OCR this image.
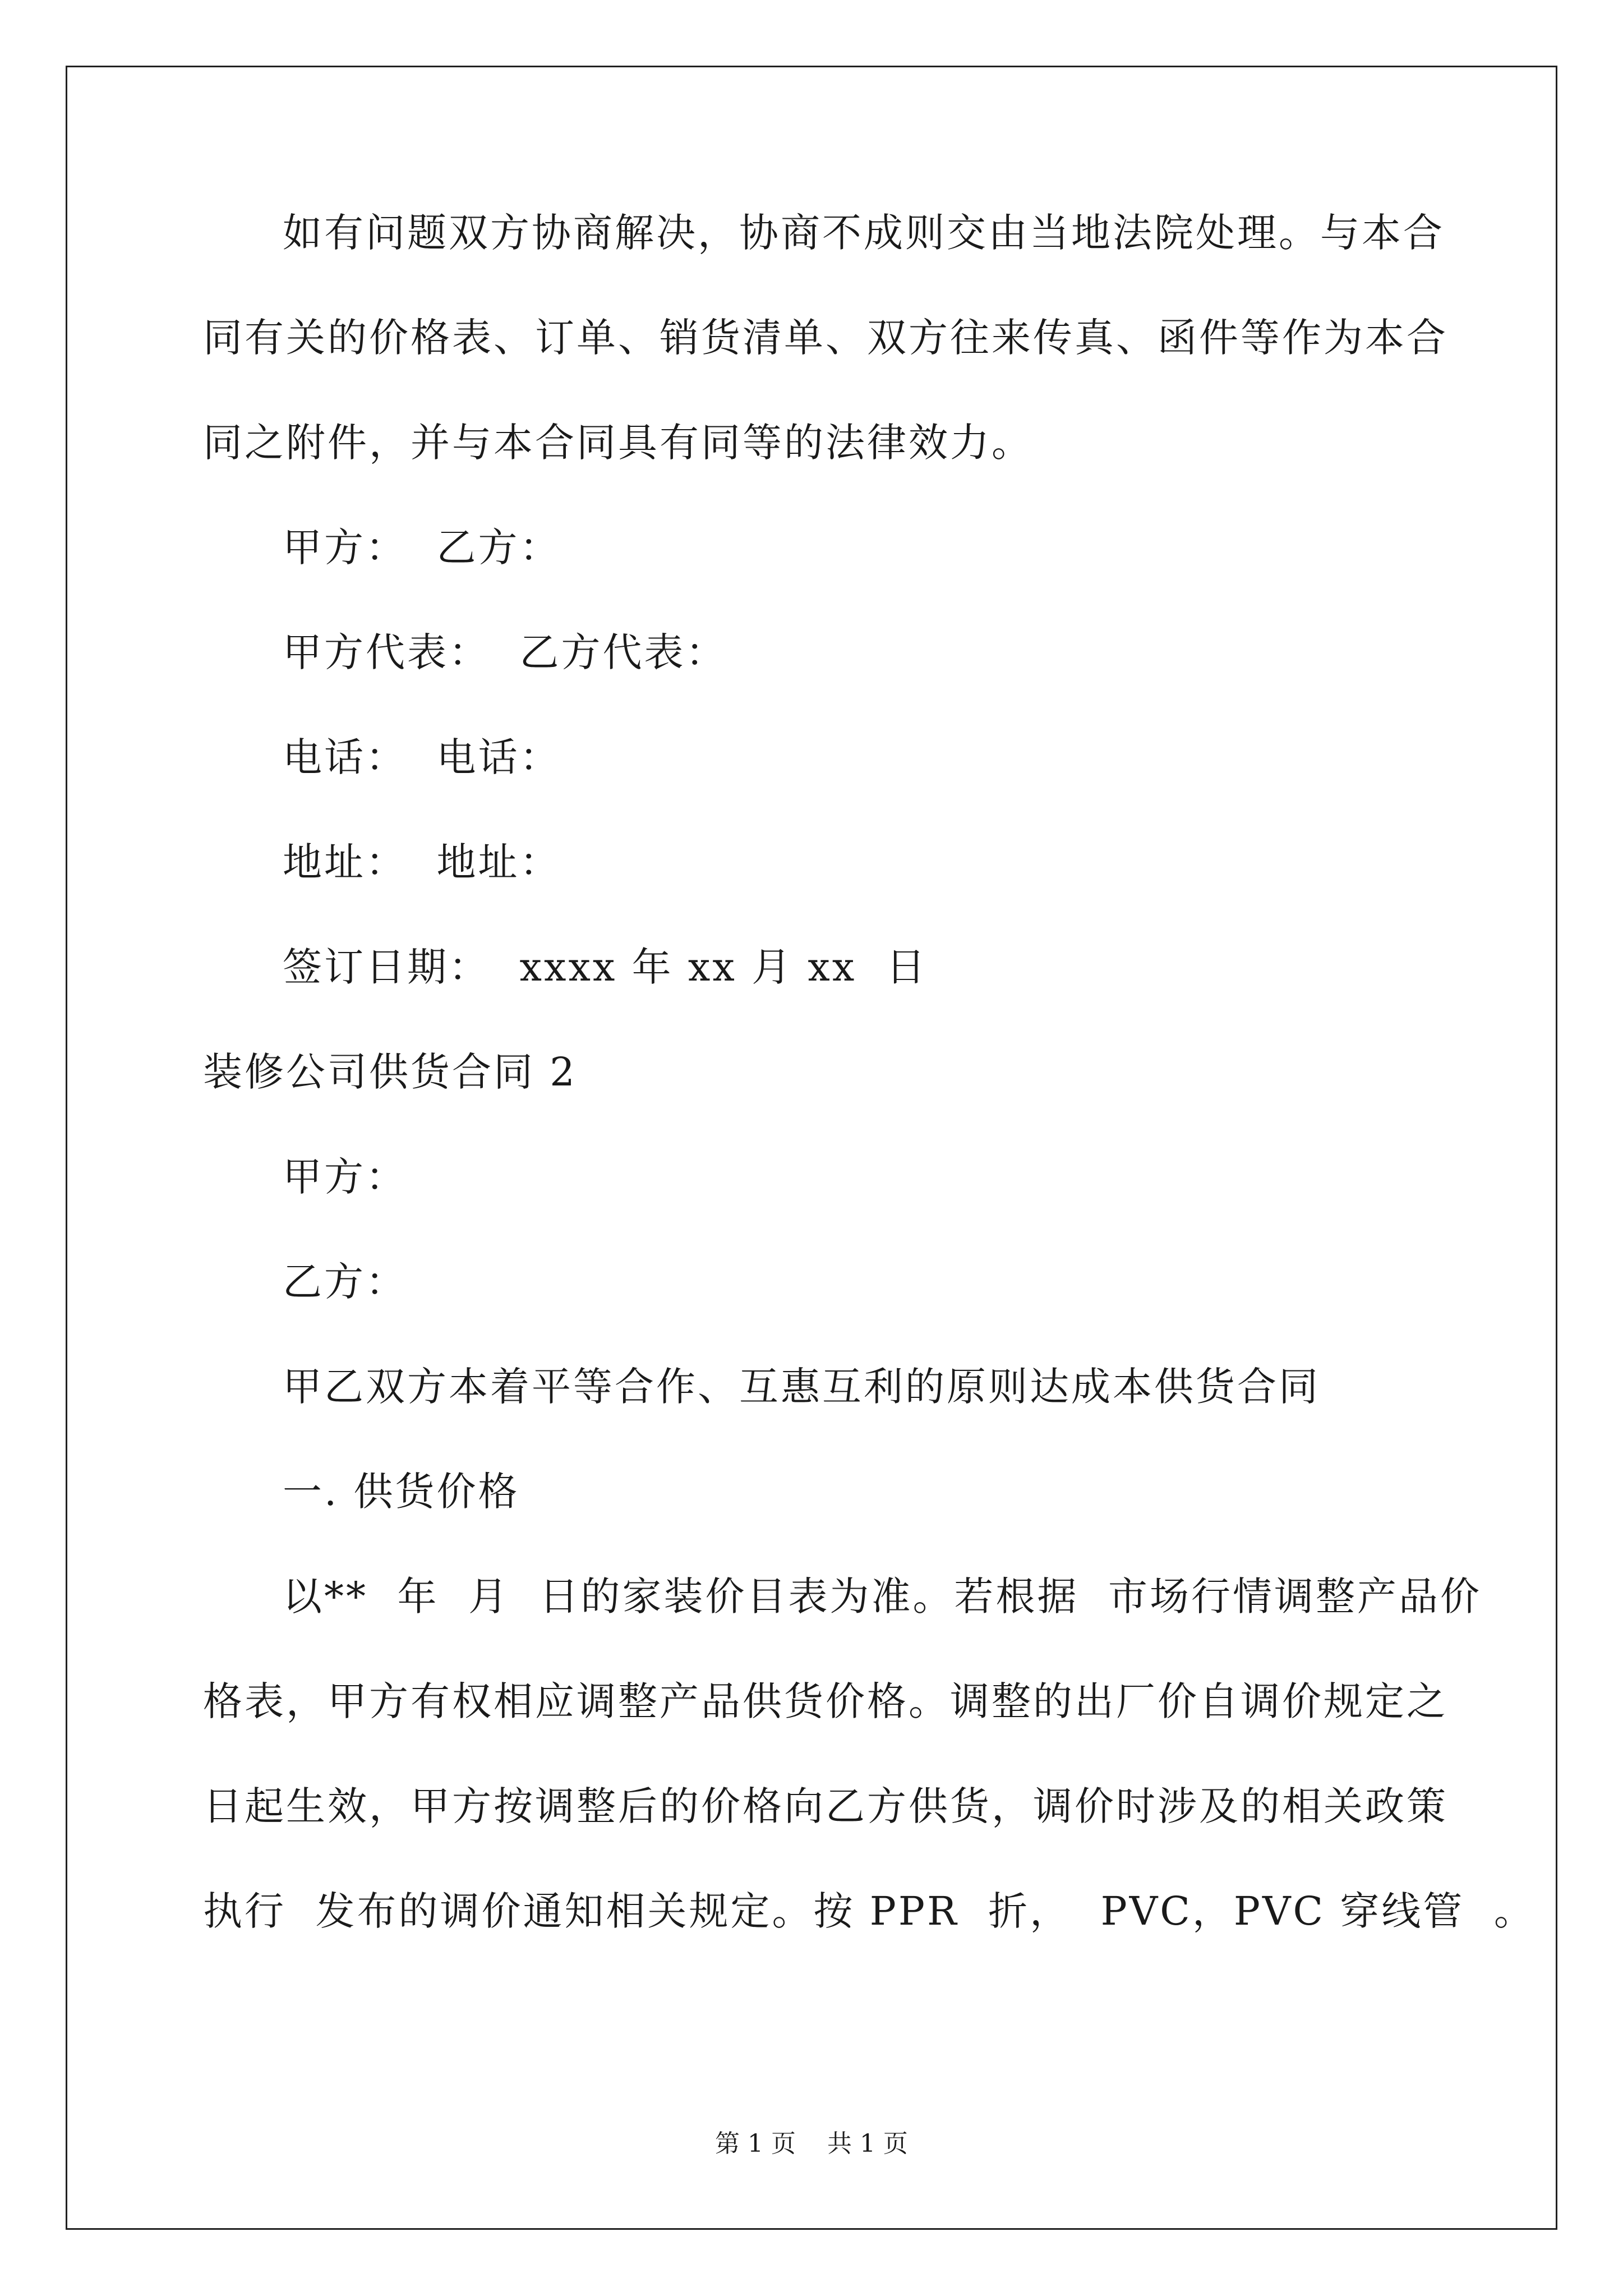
如有问题双方协商解决，协商不成则交由当地法院处理。与本合
同有关的价格表、订单、销货清单、双方往来传真、函件等作为本合
同之附件，并与本合同具有同等的法律效力。
甲方：  乙方：
甲方代表：  乙方代表：
电话：  电话：
地址：  地址：
签订日期：  xxxx 年 xx 月 xx  日
装修公司供货合同 2
甲方：
乙方：
甲乙双方本着平等合作、互惠互利的原则达成本供货合同
一. 供货价格
以**  年  月  日的家装价目表为准。若根据  市场行情调整产品价
格表，甲方有权相应调整产品供货价格。调整的出厂价自调价规定之
日起生效，甲方按调整后的价格向乙方供货，调价时涉及的相关政策
执行  发布的调价通知相关规定。按 PPR  折，  PVC，PVC 穿线管  。
第 1 页    共 1 页
